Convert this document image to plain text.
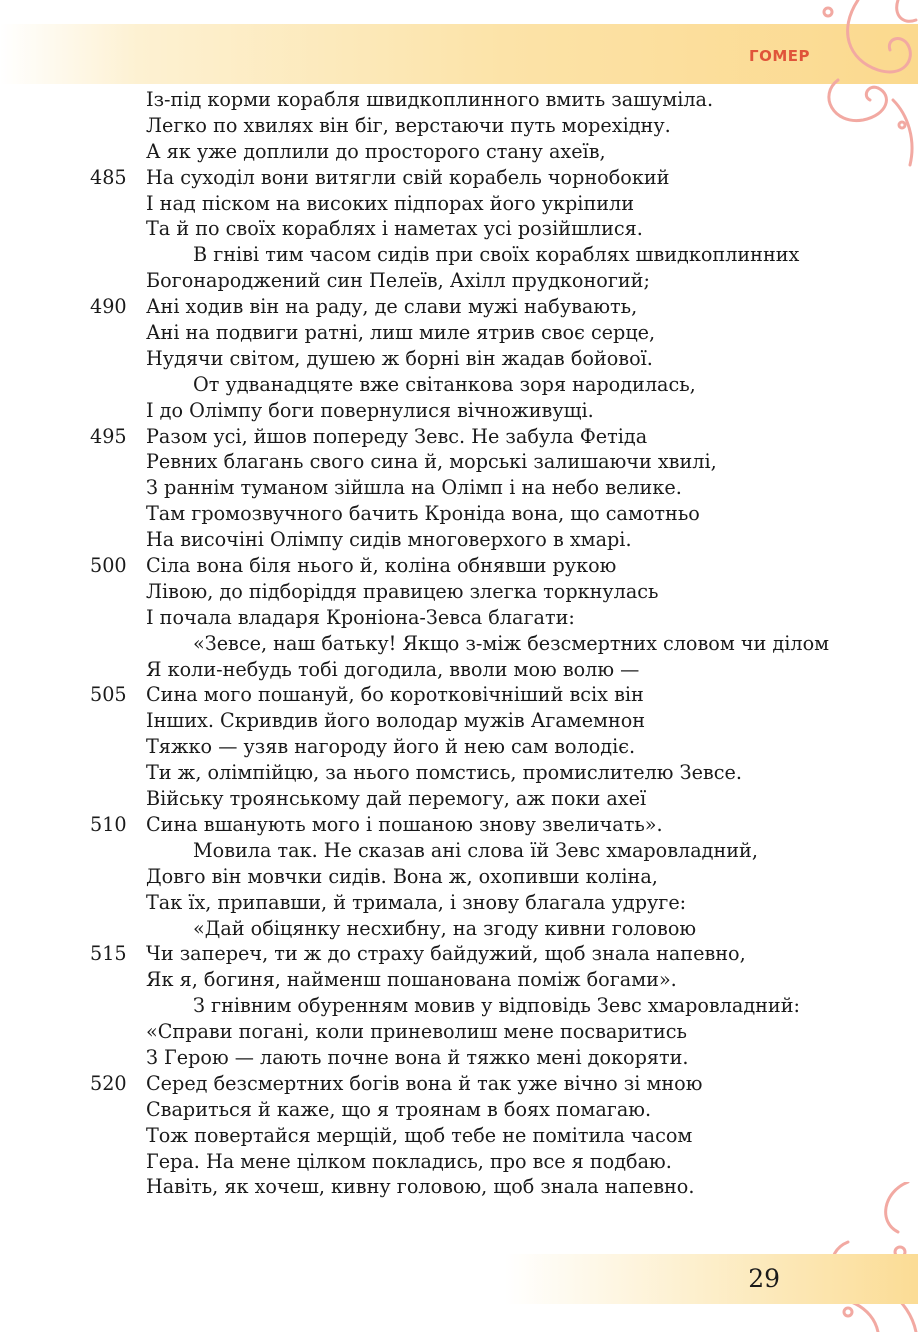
ГОМЕР
29
Із-під корми корабля швидкоплинного вмить зашуміла.
Легко по хвилях він біг, верстаючи путь морехідну.
А як уже доплили до просторого стану ахеїв,
485 На суходіл вони витягли свій корабель чорнобокий
І над піском на високих підпорах його укріпили
Та й по своїх кораблях і наметах усі розійшлися.
В гніві тим часом сидів при своїх кораблях швидкоплинних
Богонароджений син Пелеїв, Ахілл прудконогий;
490 Ані ходив він на раду, де слави мужі набувають,
Ані на подвиги ратні, лиш миле ятрив своє серце,
Нудячи світом, душею ж борні він жадав бойової.
От удванадцяте вже світанкова зоря народилась,
І до Олімпу боги повернулися вічноживущі.
495 Разом усі, йшов попереду Зевс. Не забула Фетіда
Ревних благань свого сина й, морські залишаючи хвилі,
З раннім туманом зійшла на Олімп і на небо велике.
Там громозвучного бачить Кроніда вона, що самотньо
На височіні Олімпу сидів многоверхого в хмарі.
500 Сіла вона біля нього й, коліна обнявши рукою
Лівою, до підборіддя правицею злегка торкнулась
І почала владаря Кроніона-Зевса благати:
«Зевсе, наш батьку! Якщо з-між безсмертних словом чи ділом
Я коли-небудь тобі догодила, вволи мою волю —
505 Сина мого пошануй, бо коротковічніший всіх він
Інших. Скривдив його володар мужів Агамемнон
Тяжко — узяв нагороду його й нею сам володіє.
Ти ж, олімпійцю, за нього помстись, промислителю Зевсе.
Війську троянському дай перемогу, аж поки ахеї
510 Сина вшанують мого і пошаною знову звеличать».
Мовила так. Не сказав ані слова їй Зевс хмаровладний,
Довго він мовчки сидів. Вона ж, охопивши коліна,
Так їх, припавши, й тримала, і знову благала удруге:
«Дай обіцянку несхибну, на згоду кивни головою
515 Чи запереч, ти ж до страху байдужий, щоб знала напевно,
Як я, богиня, найменш пошанована поміж богами».
З гнівним обуренням мовив у відповідь Зевс хмаровладний:
«Справи погані, коли приневолиш мене посваритись
З Герою — лають почне вона й тяжко мені докоряти.
520 Серед безсмертних богів вона й так уже вічно зі мною
Свариться й каже, що я троянам в боях помагаю.
Тож повертайся мерщій, щоб тебе не помітила часом
Гера. На мене цілком покладись, про все я подбаю.
Навіть, як хочеш, кивну головою, щоб знала напевно.
